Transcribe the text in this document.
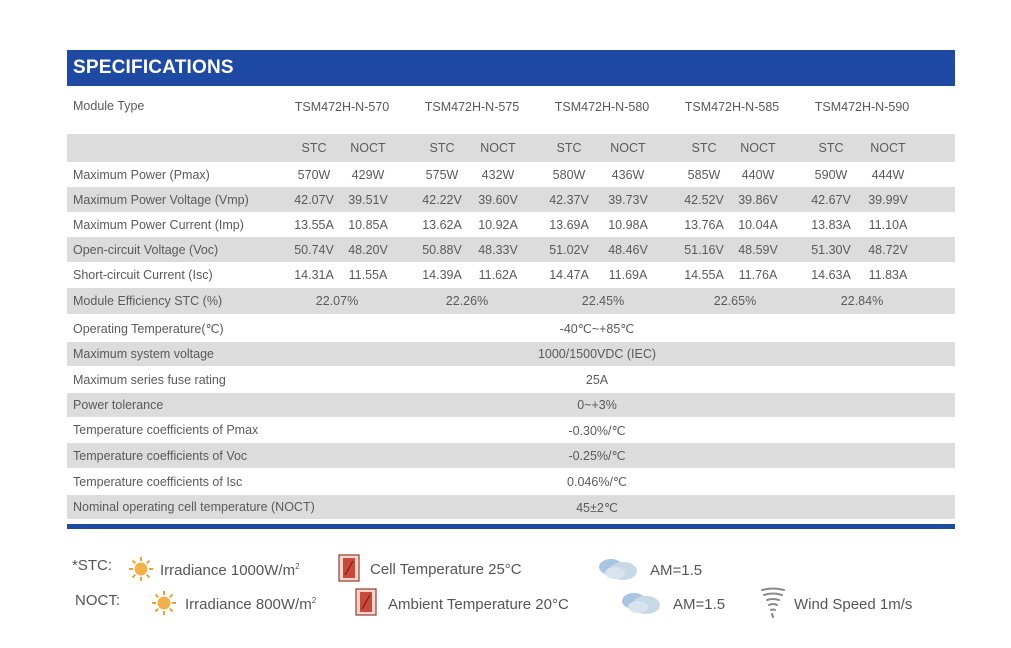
SPECIFICATIONS
Module Type	TSM472H-N-570	TSM472H-N-575	TSM472H-N-580	TSM472H-N-585	TSM472H-N-590
STC	NOCT	STC	NOCT	STC	NOCT	STC	NOCT	STC	NOCT
Maximum Power (Pmax)	570W	429W	575W	432W	580W	436W	585W	440W	590W	444W
Maximum Power Voltage (Vmp)	42.07V	39.51V	42.22V	39.60V	42.37V	39.73V	42.52V	39.86V	42.67V	39.99V
Maximum Power Current (Imp)	13.55A	10.85A	13.62A	10.92A	13.69A	10.98A	13.76A	10.04A	13.83A	11.10A
Open-circuit Voltage (Voc)	50.74V	48.20V	50.88V	48.33V	51.02V	48.46V	51.16V	48.59V	51.30V	48.72V
Short-circuit Current (Isc)	14.31A	11.55A	14.39A	11.62A	14.47A	11.69A	14.55A	11.76A	14.63A	11.83A
Module Efficiency STC (%)	22.07%	22.26%	22.45%	22.65%	22.84%
Operating Temperature(℃)	-40℃~+85℃
Maximum system voltage	1000/1500VDC (IEC)
Maximum series fuse rating	25A
Power tolerance	0~+3%
Temperature coefficients of Pmax	-0.30%/℃
Temperature coefficients of Voc	-0.25%/℃
Temperature coefficients of Isc	0.046%/℃
Nominal operating cell temperature (NOCT)	45±2℃
*STC:	Irradiance $1000W/m^2$	Cell Temperature 25°C	AM=1.5
NOCT:	Irradiance $800W/m^2$	Ambient Temperature 20°C	AM=1.5	Wind Speed 1m/s
